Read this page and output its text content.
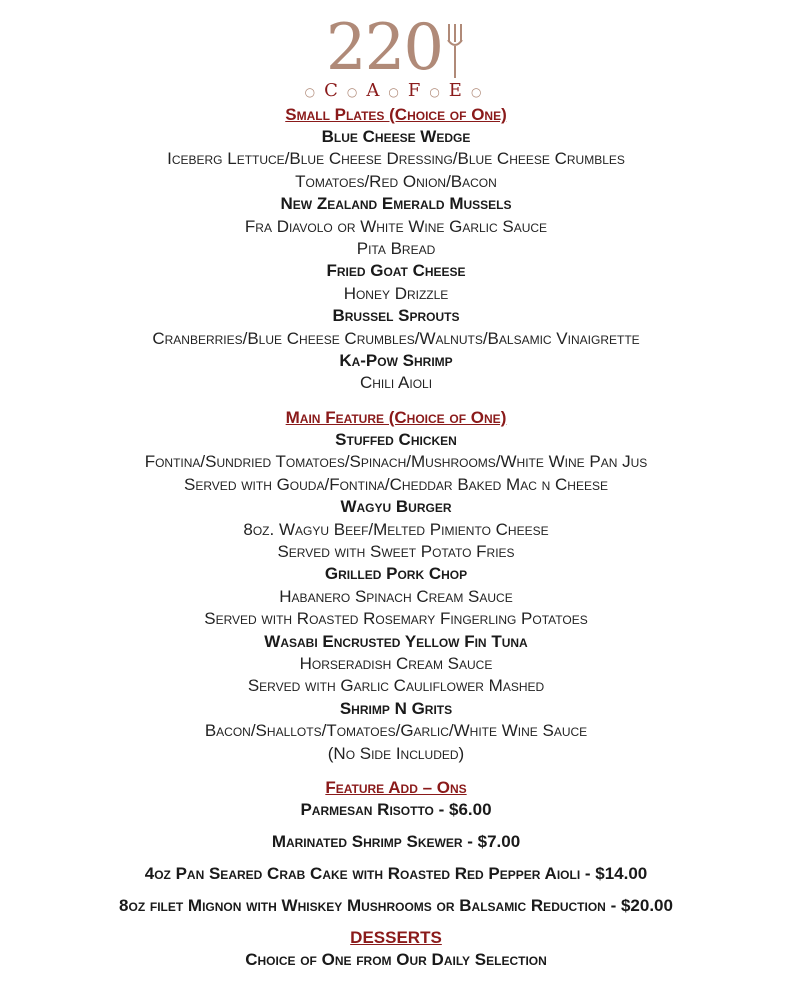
220
○ C ○ A ○ F ○ E ○
Small Plates (Choice of One)
Blue Cheese Wedge
Iceberg Lettuce/Blue Cheese Dressing/Blue Cheese Crumbles
Tomatoes/Red Onion/Bacon
New Zealand Emerald Mussels
Fra Diavolo or White Wine Garlic Sauce
Pita Bread
Fried Goat Cheese
Honey Drizzle
Brussel Sprouts
Cranberries/Blue Cheese Crumbles/Walnuts/Balsamic Vinaigrette
Ka-Pow Shrimp
Chili Aioli
Main Feature (Choice of One)
Stuffed Chicken
Fontina/Sundried Tomatoes/Spinach/Mushrooms/White Wine Pan Jus
Served with Gouda/Fontina/Cheddar Baked Mac n Cheese
Wagyu Burger
8oz. Wagyu Beef/Melted Pimiento Cheese
Served with Sweet Potato Fries
Grilled Pork Chop
Habanero Spinach Cream Sauce
Served with Roasted Rosemary Fingerling Potatoes
Wasabi Encrusted Yellow Fin Tuna
Horseradish Cream Sauce
Served with Garlic Cauliflower Mashed
Shrimp N Grits
Bacon/Shallots/Tomatoes/Garlic/White Wine Sauce
(No Side Included)
Feature Add – Ons
Parmesan Risotto - $6.00
Marinated Shrimp Skewer - $7.00
4oz Pan Seared Crab Cake with Roasted Red Pepper Aioli - $14.00
8oz filet Mignon with Whiskey Mushrooms or Balsamic Reduction - $20.00
DESSERTS
Choice of One from Our Daily Selection
